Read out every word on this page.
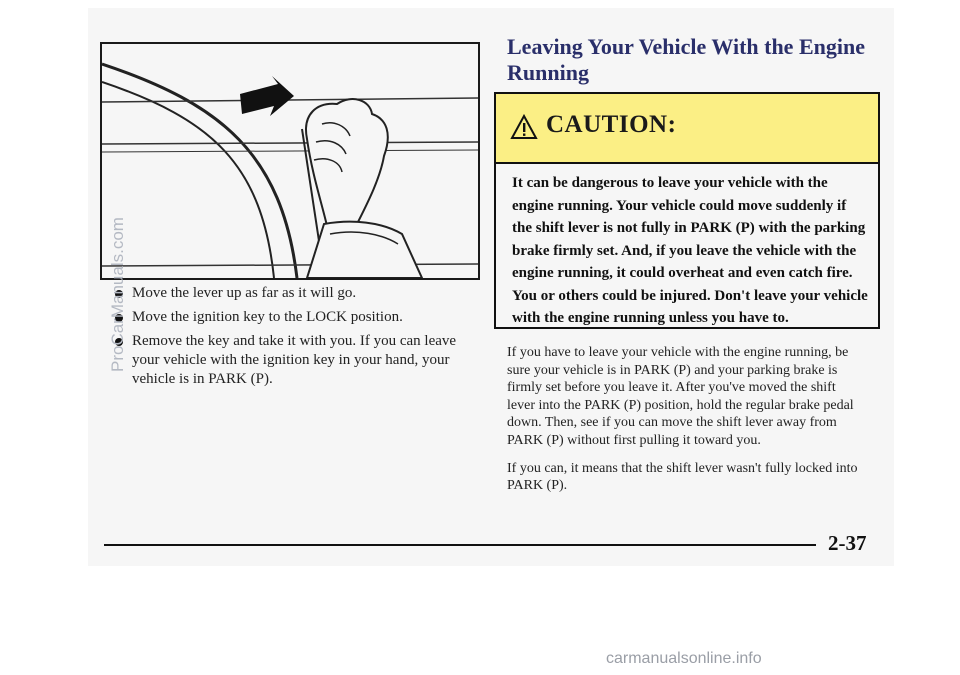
Move the lever up as far as it will go.
Move the ignition key to the LOCK position.
Remove the key and take it with you. If you can leave your vehicle with the ignition key in your hand, your vehicle is in PARK (P).
Leaving Your Vehicle With the Engine Running
CAUTION:
It can be dangerous to leave your vehicle with the engine running. Your vehicle could move suddenly if the shift lever is not fully in PARK (P) with the parking brake firmly set. And, if you leave the vehicle with the engine running, it could overheat and even catch fire. You or others could be injured. Don't leave your vehicle with the engine running unless you have to.

If you have to leave your vehicle with the engine running, be sure your vehicle is in PARK (P) and your parking brake is firmly set before you leave it. After you've moved the shift lever into the PARK (P) position, hold the regular brake pedal down. Then, see if you can move the shift lever away from PARK (P) without first pulling it toward you.

If you can, it means that the shift lever wasn't fully locked into PARK (P).

2-37
ProCarManuals.com
carmanualsonline.info
